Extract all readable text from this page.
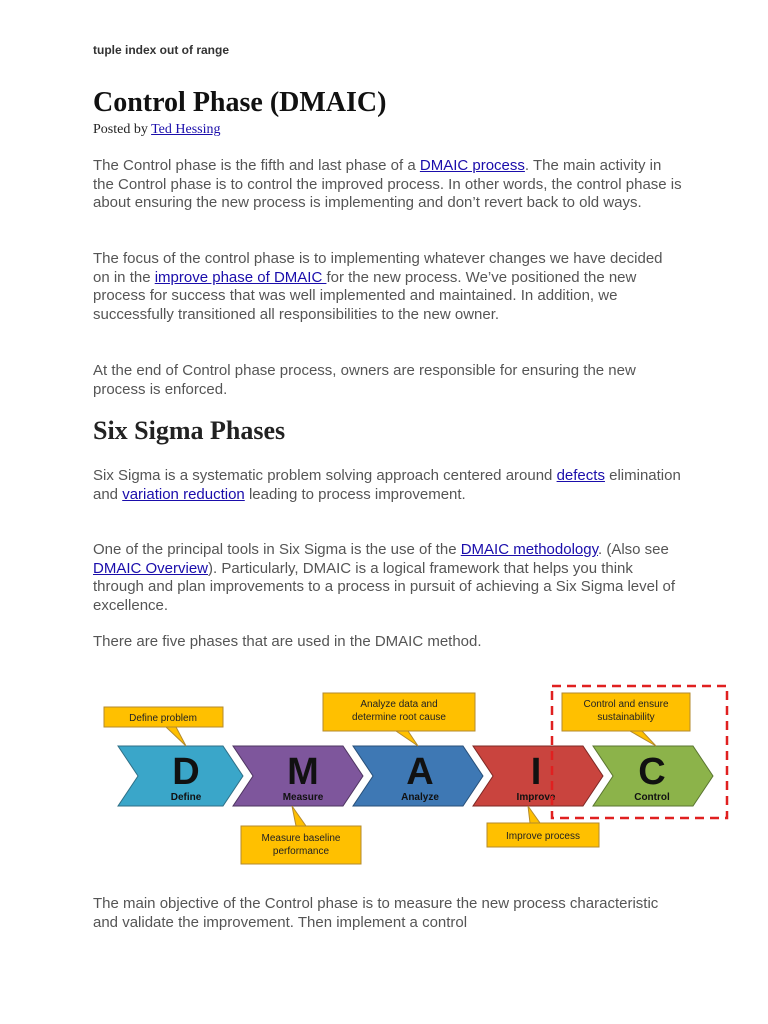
tuple index out of range
Control Phase (DMAIC)
Posted by Ted Hessing

The Control phase is the fifth and last phase of a DMAIC process. The main activity in the Control phase is to control the improved process. In other words, the control phase is about ensuring the new process is implementing and don’t revert back to old ways.

The focus of the control phase is to implementing whatever changes we have decided on in the improve phase of DMAIC for the new process. We’ve positioned the new process for success that was well implemented and maintained. In addition, we successfully transitioned all responsibilities to the new owner.

At the end of Control phase process, owners are responsible for ensuring the new process is enforced.

Six Sigma Phases

Six Sigma is a systematic problem solving approach centered around defects elimination and variation reduction leading to process improvement.

One of the principal tools in Six Sigma is the use of the DMAIC methodology. (Also see DMAIC Overview). Particularly, DMAIC is a logical framework that helps you think through and plan improvements to a process in pursuit of achieving a Six Sigma level of excellence.

There are five phases that are used in the DMAIC method.

D M A	I	C
Define	Measure	Analyze	Improve	Control
Define problem
Analyze data and
determine root cause
Control and ensure
sustainability
Measure baseline
performance
Improve process

The main objective of the Control phase is to measure the new process characteristic and validate the improvement. Then implement a control
